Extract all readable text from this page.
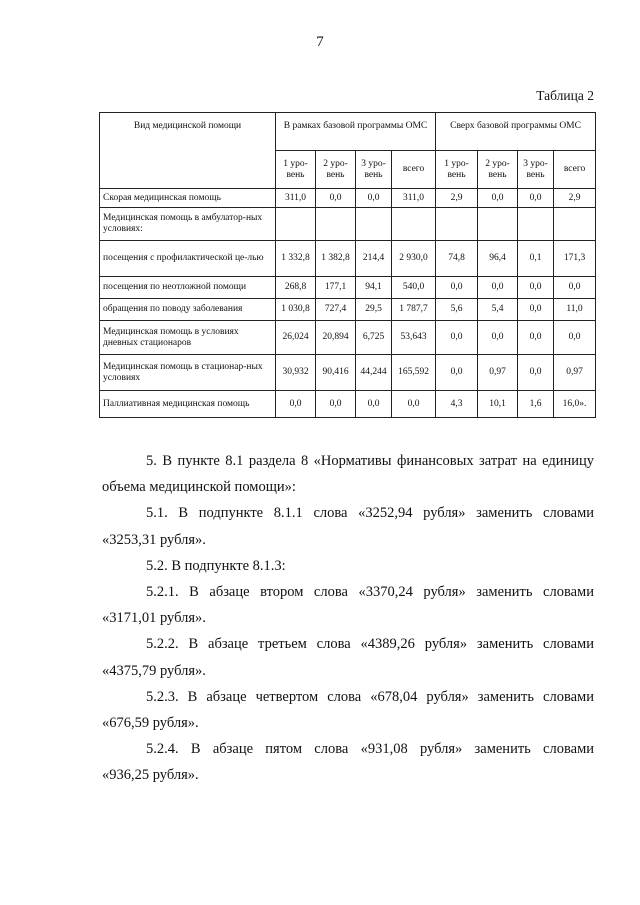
7
Таблица 2
Вид медицинской помощи	В рамках базовой программы ОМС				Сверх базовой программы ОМС			
	1 уро-вень	2 уро-вень	3 уро-вень	всего	1 уро-вень	2 уро-вень	3 уро-вень	всего
Скорая медицинская помощь	311,0	0,0	0,0	311,0	2,9	0,0	0,0	2,9
Медицинская помощь в амбулатор-ных условиях:								
посещения с профилактической це-лью	1 332,8	1 382,8	214,4	2 930,0	74,8	96,4	0,1	171,3
посещения по неотложной помощи	268,8	177,1	94,1	540,0	0,0	0,0	0,0	0,0
обращения по поводу заболевания	1 030,8	727,4	29,5	1 787,7	5,6	5,4	0,0	11,0
Медицинская помощь в условиях дневных стационаров	26,024	20,894	6,725	53,643	0,0	0,0	0,0	0,0
Медицинская помощь в стационар-ных условиях	30,932	90,416	44,244	165,592	0,0	0,97	0,0	0,97
Паллиативная медицинская помощь	0,0	0,0	0,0	0,0	4,3	10,1	1,6	16,0».

5. В пункте 8.1 раздела 8 «Нормативы финансовых затрат на единицу

объема медицинской помощи»:

5.1. В подпункте 8.1.1 слова «3252,94 рубля» заменить словами

«3253,31 рубля».

5.2. В подпункте 8.1.3:

5.2.1. В абзаце втором слова «3370,24 рубля» заменить словами

«3171,01 рубля».

5.2.2. В абзаце третьем слова «4389,26 рубля» заменить словами

«4375,79 рубля».

5.2.3. В абзаце четвертом слова «678,04 рубля» заменить словами

«676,59 рубля».

5.2.4. В абзаце пятом слова «931,08 рубля» заменить словами

«936,25 рубля».
